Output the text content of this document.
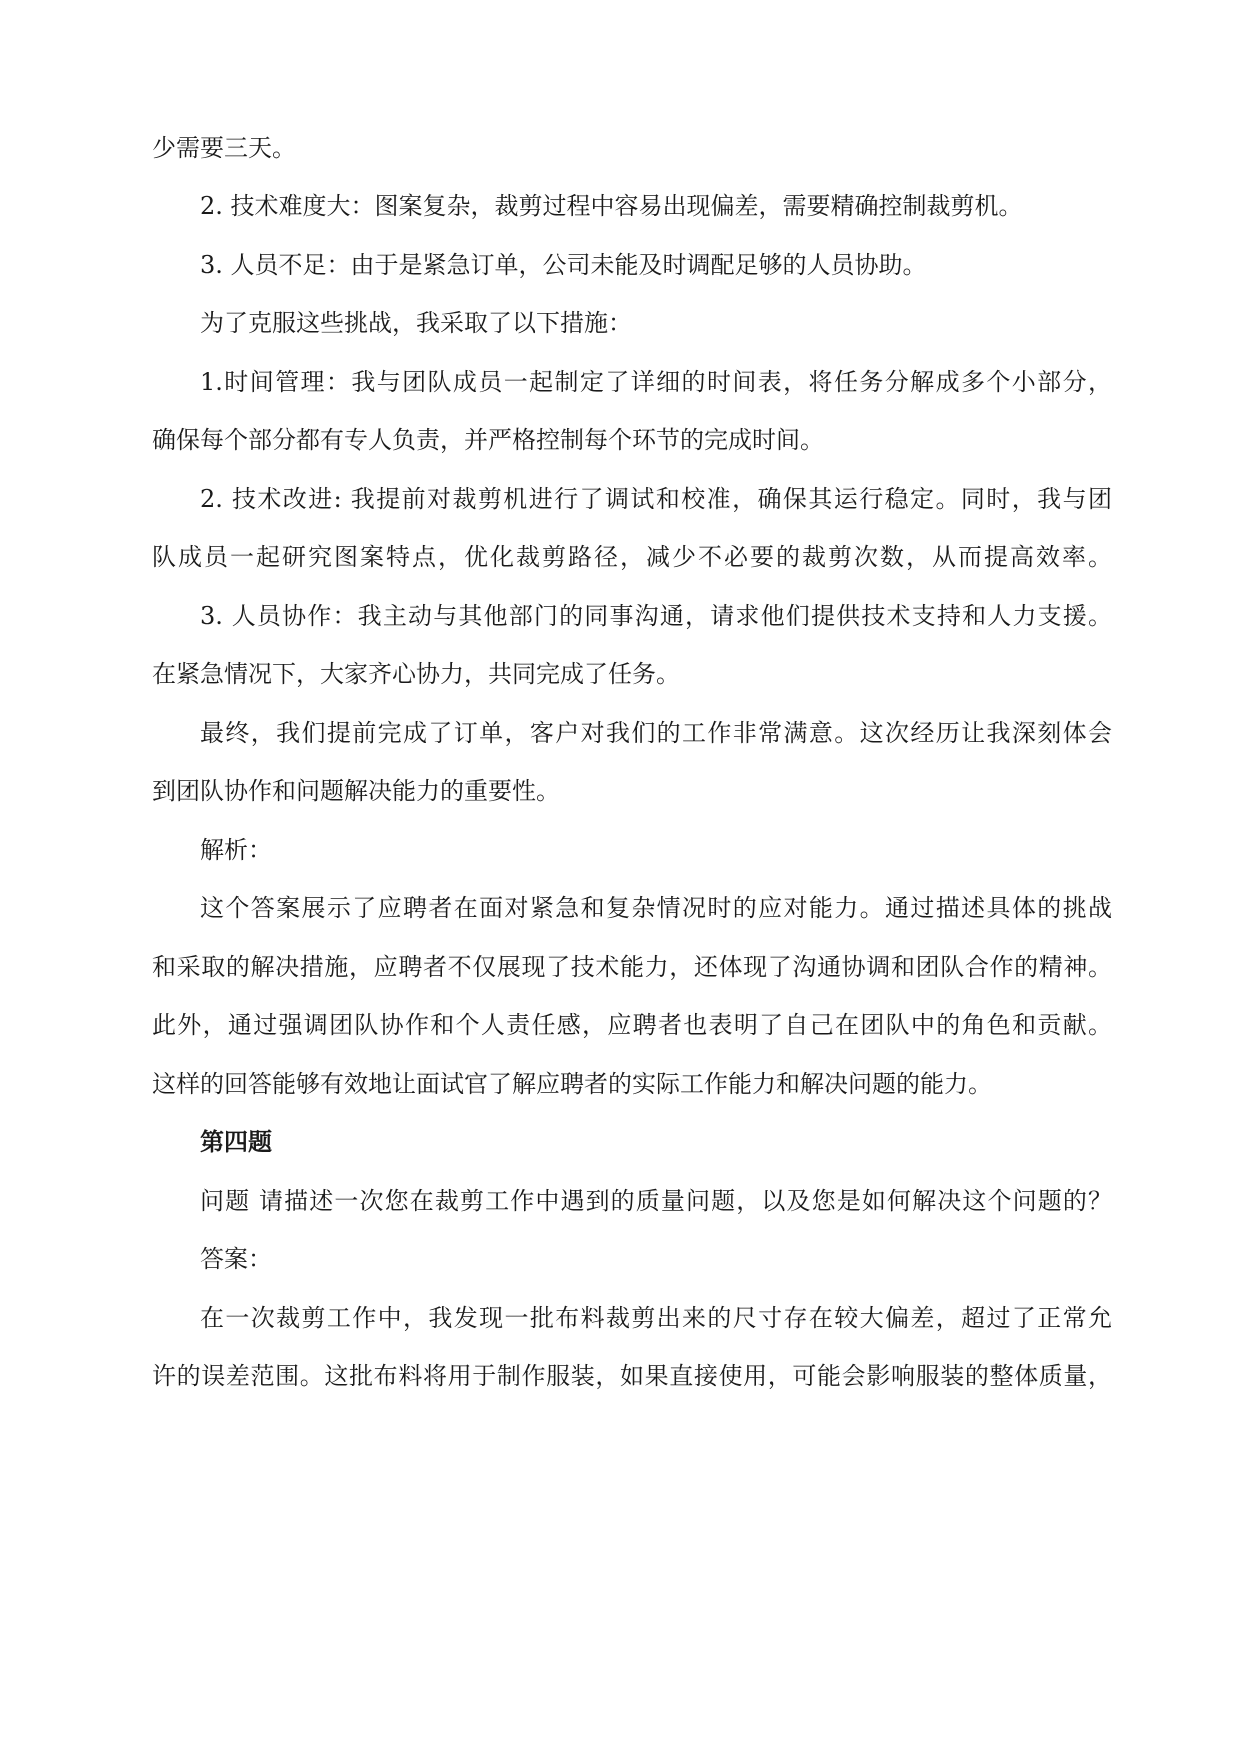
少需要三天。

2. 技术难度大：图案复杂，裁剪过程中容易出现偏差，需要精确控制裁剪机。

3. 人员不足：由于是紧急订单，公司未能及时调配足够的人员协助。

为了克服这些挑战，我采取了以下措施：

1.时间管理：我与团队成员一起制定了详细的时间表，将任务分解成多个小部分，

确保每个部分都有专人负责，并严格控制每个环节的完成时间。

2. 技术改进: 我提前对裁剪机进行了调试和校准，确保其运行稳定。同时，我与团

队成员一起研究图案特点，优化裁剪路径，减少不必要的裁剪次数，从而提高效率。

3. 人员协作：我主动与其他部门的同事沟通，请求他们提供技术支持和人力支援。

在紧急情况下，大家齐心协力，共同完成了任务。

最终，我们提前完成了订单，客户对我们的工作非常满意。这次经历让我深刻体会

到团队协作和问题解决能力的重要性。

解析：

这个答案展示了应聘者在面对紧急和复杂情况时的应对能力。通过描述具体的挑战

和采取的解决措施，应聘者不仅展现了技术能力，还体现了沟通协调和团队合作的精神。

此外，通过强调团队协作和个人责任感，应聘者也表明了自己在团队中的角色和贡献。

这样的回答能够有效地让面试官了解应聘者的实际工作能力和解决问题的能力。

第四题

问题 请描述一次您在裁剪工作中遇到的质量问题，以及您是如何解决这个问题的？

答案：

在一次裁剪工作中，我发现一批布料裁剪出来的尺寸存在较大偏差，超过了正常允

许的误差范围。这批布料将用于制作服装，如果直接使用，可能会影响服装的整体质量，
